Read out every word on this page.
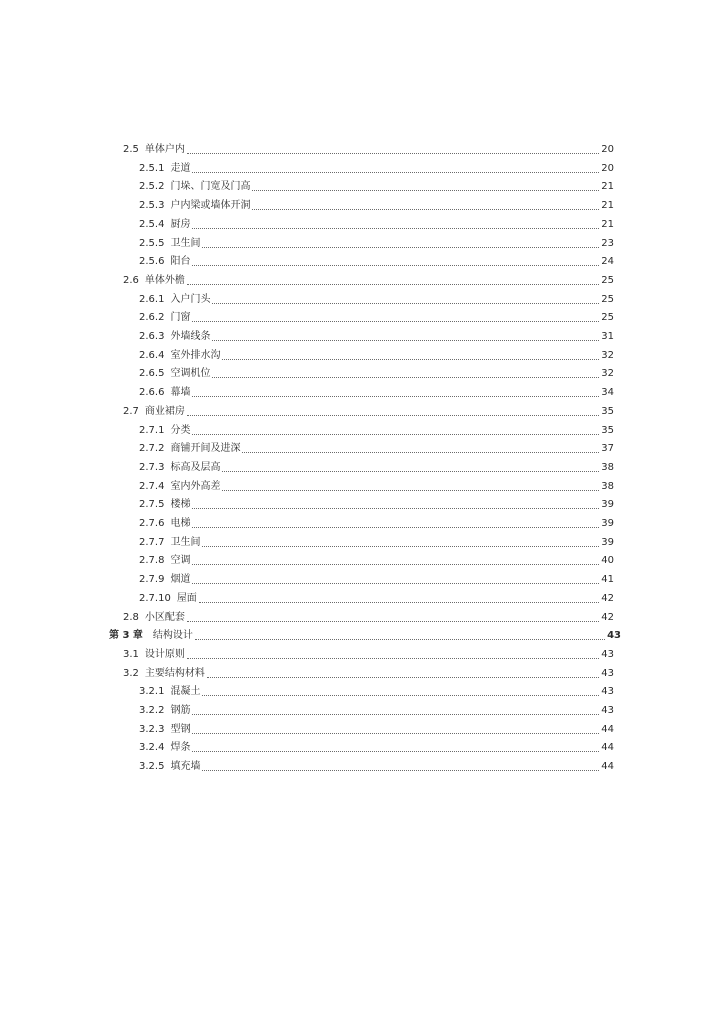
2.5 单体户内	20
2.5.1 走道	20
2.5.2 门垛、门宽及门高	21
2.5.3 户内梁或墙体开洞	21
2.5.4 厨房	21
2.5.5 卫生间	23
2.5.6 阳台	24
2.6 单体外檐	25
2.6.1 入户门头	25
2.6.2 门窗	25
2.6.3 外墙线条	31
2.6.4 室外排水沟	32
2.6.5 空调机位	32
2.6.6 幕墙	34
2.7 商业裙房	35
2.7.1 分类	35
2.7.2 商铺开间及进深	37
2.7.3 标高及层高	38
2.7.4 室内外高差	38
2.7.5 楼梯	39
2.7.6 电梯	39
2.7.7 卫生间	39
2.7.8 空调	40
2.7.9 烟道	41
2.7.10 屋面	42
2.8 小区配套	42
第 3 章 结构设计	43
3.1 设计原则	43
3.2 主要结构材料	43
3.2.1 混凝土	43
3.2.2 钢筋	43
3.2.3 型钢	44
3.2.4 焊条	44
3.2.5 填充墙	44
